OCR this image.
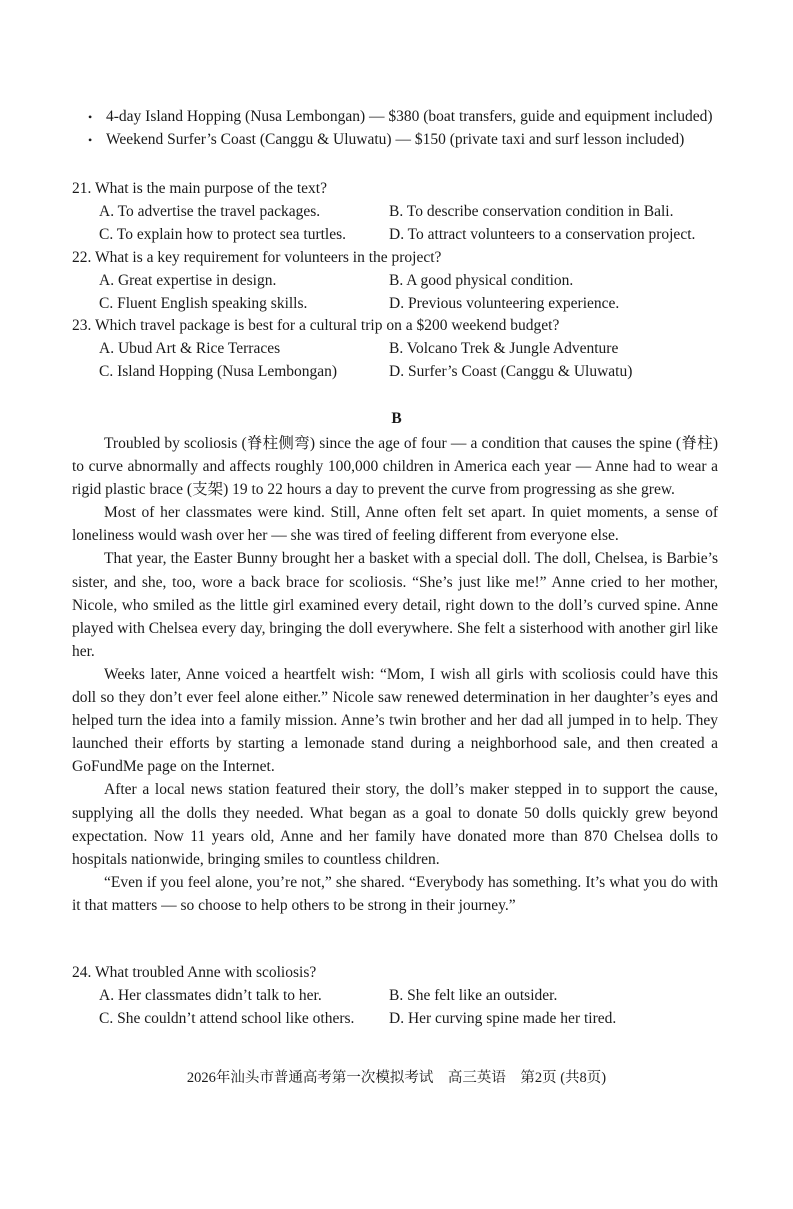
• 4-day Island Hopping (Nusa Lembongan) — $380 (boat transfers, guide and equipment included)
• Weekend Surfer’s Coast (Canggu & Uluwatu) — $150 (private taxi and surf lesson included)
21. What is the main purpose of the text?
A. To advertise the travel packages.	B. To describe conservation condition in Bali.
C. To explain how to protect sea turtles.	D. To attract volunteers to a conservation project.
22. What is a key requirement for volunteers in the project?
A. Great expertise in design.	B. A good physical condition.
C. Fluent English speaking skills.	D. Previous volunteering experience.
23. Which travel package is best for a cultural trip on a $200 weekend budget?
A. Ubud Art & Rice Terraces	B. Volcano Trek & Jungle Adventure
C. Island Hopping (Nusa Lembongan)	D. Surfer’s Coast (Canggu & Uluwatu)
B

Troubled by scoliosis (脊柱侧弯) since the age of four — a condition that causes the spine (脊柱) to curve abnormally and affects roughly 100,000 children in America each year — Anne had to wear a rigid plastic brace (支架) 19 to 22 hours a day to prevent the curve from progressing as she grew.

Most of her classmates were kind. Still, Anne often felt set apart. In quiet moments, a sense of loneliness would wash over her — she was tired of feeling different from everyone else.

That year, the Easter Bunny brought her a basket with a special doll. The doll, Chelsea, is Barbie’s sister, and she, too, wore a back brace for scoliosis. “She’s just like me!” Anne cried to her mother, Nicole, who smiled as the little girl examined every detail, right down to the doll’s curved spine. Anne played with Chelsea every day, bringing the doll everywhere. She felt a sisterhood with another girl like her.

Weeks later, Anne voiced a heartfelt wish: “Mom, I wish all girls with scoliosis could have this doll so they don’t ever feel alone either.” Nicole saw renewed determination in her daughter’s eyes and helped turn the idea into a family mission. Anne’s twin brother and her dad all jumped in to help. They launched their efforts by starting a lemonade stand during a neighborhood sale, and then created a GoFundMe page on the Internet.

After a local news station featured their story, the doll’s maker stepped in to support the cause, supplying all the dolls they needed. What began as a goal to donate 50 dolls quickly grew beyond expectation. Now 11 years old, Anne and her family have donated more than 870 Chelsea dolls to hospitals nationwide, bringing smiles to countless children.

“Even if you feel alone, you’re not,” she shared. “Everybody has something. It’s what you do with it that matters — so choose to help others to be strong in their journey.”

24. What troubled Anne with scoliosis?
A. Her classmates didn’t talk to her.	B. She felt like an outsider.
C. She couldn’t attend school like others.	D. Her curving spine made her tired.
2026年汕头市普通高考第一次模拟考试　高三英语　第2页 (共8页)
